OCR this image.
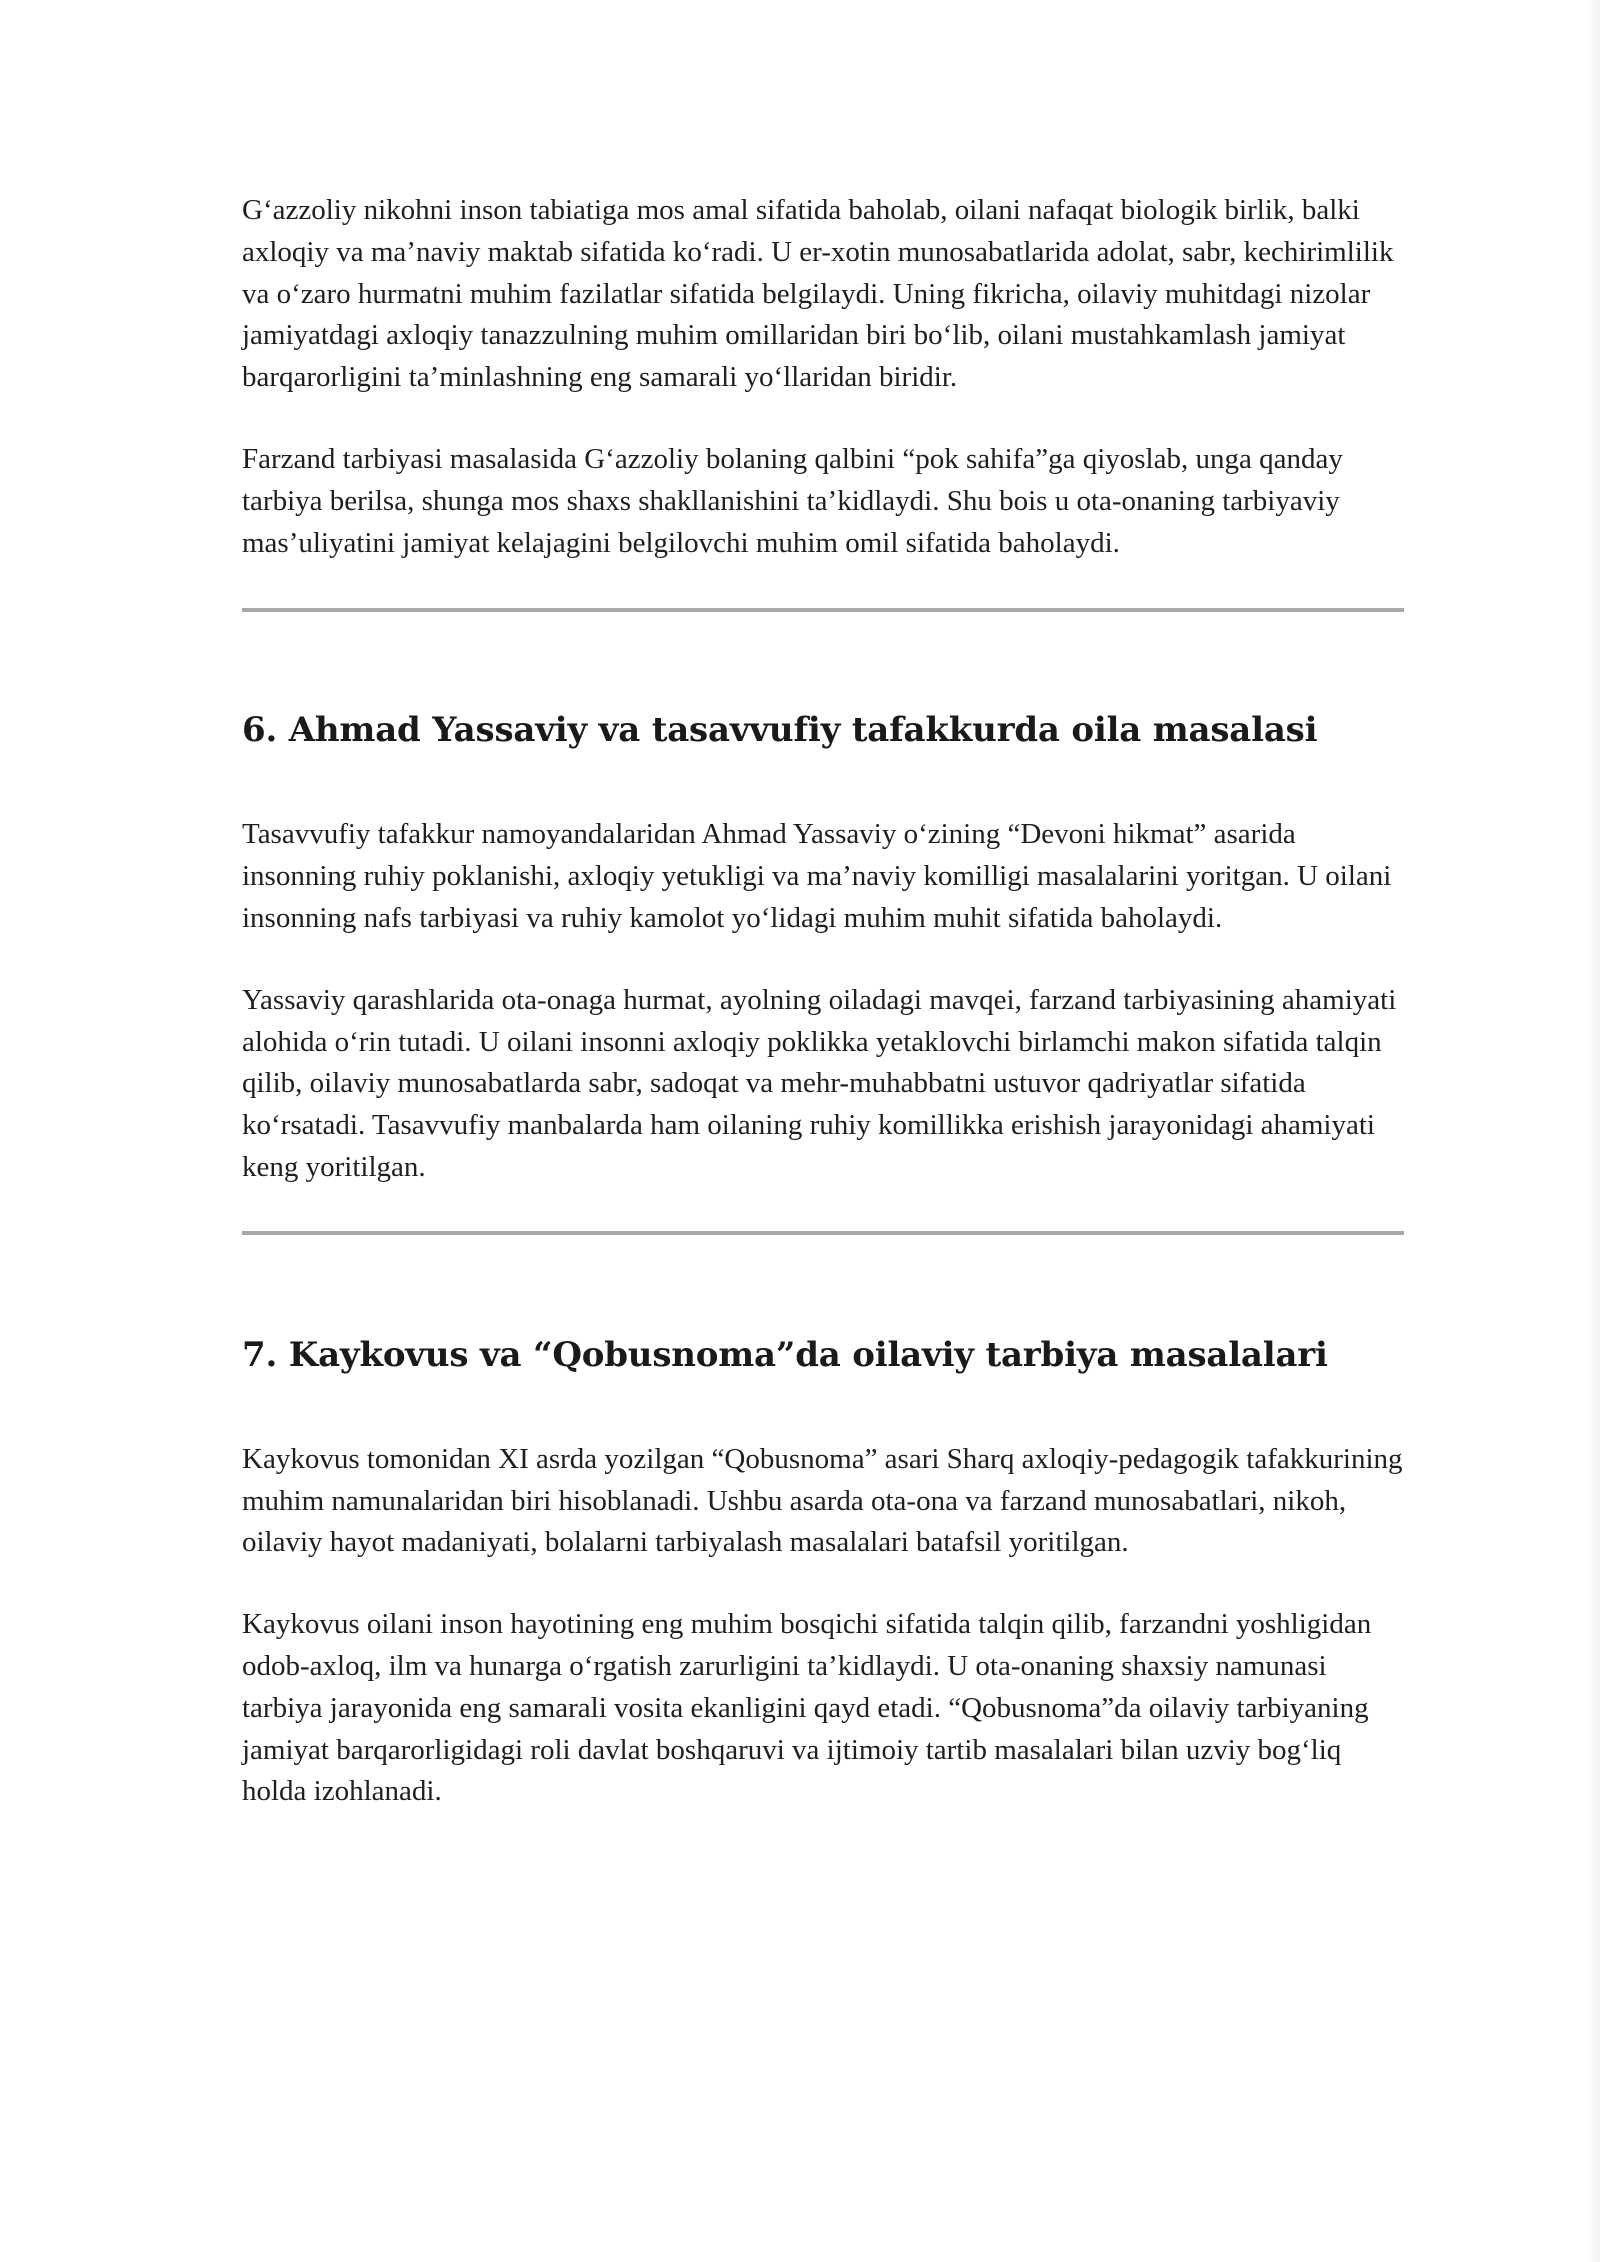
G‘azzoliy nikohni inson tabiatiga mos amal sifatida baholab, oilani nafaqat biologik birlik, balki axloqiy va ma’naviy maktab sifatida ko‘radi. U er-xotin munosabatlarida adolat, sabr, kechirimlilik va o‘zaro hurmatni muhim fazilatlar sifatida belgilaydi. Uning fikricha, oilaviy muhitdagi nizolar jamiyatdagi axloqiy tanazzulning muhim omillaridan biri bo‘lib, oilani mustahkamlash jamiyat barqarorligini ta’minlashning eng samarali yo‘llaridan biridir.

Farzand tarbiyasi masalasida G‘azzoliy bolaning qalbini “pok sahifa”ga qiyoslab, unga qanday tarbiya berilsa, shunga mos shaxs shakllanishini ta’kidlaydi. Shu bois u ota-onaning tarbiyaviy mas’uliyatini jamiyat kelajagini belgilovchi muhim omil sifatida baholaydi.

6. Ahmad Yassaviy va tasavvufiy tafakkurda oila masalasi

Tasavvufiy tafakkur namoyandalaridan Ahmad Yassaviy o‘zining “Devoni hikmat” asarida insonning ruhiy poklanishi, axloqiy yetukligi va ma’naviy komilligi masalalarini yoritgan. U oilani insonning nafs tarbiyasi va ruhiy kamolot yo‘lidagi muhim muhit sifatida baholaydi.

Yassaviy qarashlarida ota-onaga hurmat, ayolning oiladagi mavqei, farzand tarbiyasining ahamiyati alohida o‘rin tutadi. U oilani insonni axloqiy poklikka yetaklovchi birlamchi makon sifatida talqin qilib, oilaviy munosabatlarda sabr, sadoqat va mehr-muhabbatni ustuvor qadriyatlar sifatida ko‘rsatadi. Tasavvufiy manbalarda ham oilaning ruhiy komillikka erishish jarayonidagi ahamiyati keng yoritilgan.

7. Kaykovus va “Qobusnoma”da oilaviy tarbiya masalalari

Kaykovus tomonidan XI asrda yozilgan “Qobusnoma” asari Sharq axloqiy-pedagogik tafakkurining muhim namunalaridan biri hisoblanadi. Ushbu asarda ota-ona va farzand munosabatlari, nikoh, oilaviy hayot madaniyati, bolalarni tarbiyalash masalalari batafsil yoritilgan.

Kaykovus oilani inson hayotining eng muhim bosqichi sifatida talqin qilib, farzandni yoshligidan odob-axloq, ilm va hunarga o‘rgatish zarurligini ta’kidlaydi. U ota-onaning shaxsiy namunasi tarbiya jarayonida eng samarali vosita ekanligini qayd etadi. “Qobusnoma”da oilaviy tarbiyaning jamiyat barqarorligidagi roli davlat boshqaruvi va ijtimoiy tartib masalalari bilan uzviy bog‘liq holda izohlanadi.
